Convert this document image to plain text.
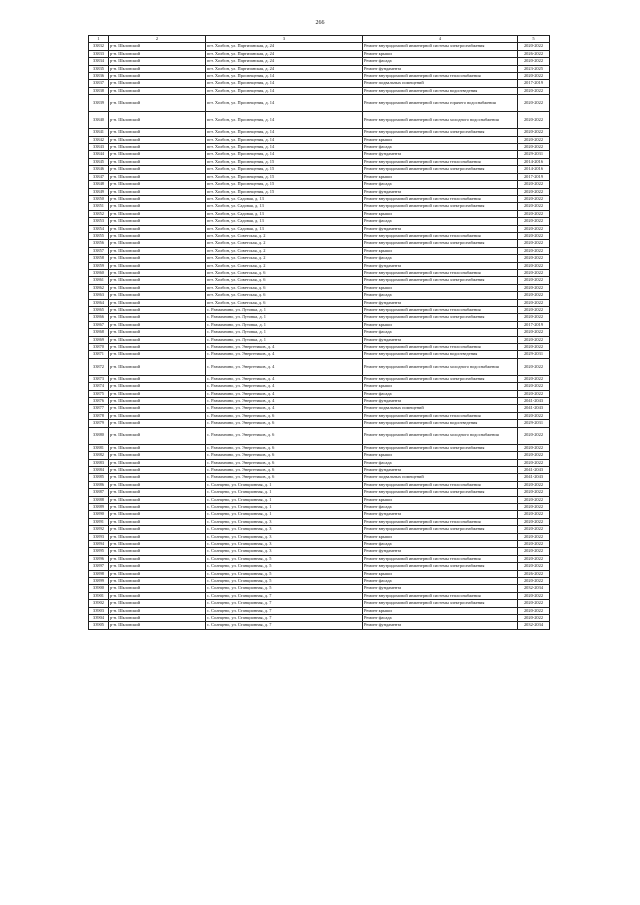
266
1	2	3	4	5
33832	р-н. Шкловский	пгт. Холбон, ул. Партизанская, д. 24	Ремонт внутридомовой инженерной системы электроснабжения	2020-2022
33833	р-н. Шкловский	пгт. Холбон, ул. Партизанская, д. 24	Ремонт крыши	2026-2022
33834	р-н. Шкловский	пгт. Холбон, ул. Партизанская, д. 24	Ремонт фасада	2020-2022
33835	р-н. Шкловский	пгт. Холбон, ул. Партизанская, д. 24	Ремонт фундамента	2023-2025
33836	р-н. Шкловский	пгт. Холбон, ул. Просвещения, д. 14	Ремонт внутридомовой инженерной системы теплоснабжения	2020-2022
33837	р-н. Шкловский	пгт. Холбон, ул. Просвещения, д. 14	Ремонт подвальных помещений	2017-2019
33838	р-н. Шкловский	пгт. Холбон, ул. Просвещения, д. 14	Ремонт внутридомовой инженерной системы водоотведения	2020-2022
33839	р-н. Шкловский	пгт. Холбон, ул. Просвещения, д. 14	Ремонт внутридомовой инженерной системы горячего водоснабжения	2020-2022
33840	р-н. Шкловский	пгт. Холбон, ул. Просвещения, д. 14	Ремонт внутридомовой инженерной системы холодного водоснабжения	2020-2022
33841	р-н. Шкловский	пгт. Холбон, ул. Просвещения, д. 14	Ремонт внутридомовой инженерной системы электроснабжения	2020-2022
33842	р-н. Шкловский	пгт. Холбон, ул. Просвещения, д. 14	Ремонт крыши	2020-2022
33843	р-н. Шкловский	пгт. Холбон, ул. Просвещения, д. 14	Ремонт фасада	2020-2022
33844	р-н. Шкловский	пгт. Холбон, ул. Просвещения, д. 14	Ремонт фундамента	2029-2031
33845	р-н. Шкловский	пгт. Холбон, ул. Просвещения, д. 15	Ремонт внутридомовой инженерной системы теплоснабжения	2014-2016
33846	р-н. Шкловский	пгт. Холбон, ул. Просвещения, д. 15	Ремонт внутридомовой инженерной системы электроснабжения	2014-2016
33847	р-н. Шкловский	пгт. Холбон, ул. Просвещения, д. 15	Ремонт крыши	2017-2019
33848	р-н. Шкловский	пгт. Холбон, ул. Просвещения, д. 15	Ремонт фасада	2020-2022
33849	р-н. Шкловский	пгт. Холбон, ул. Просвещения, д. 15	Ремонт фундамента	2020-2022
33850	р-н. Шкловский	пгт. Холбон, ул. Садовая, д. 13	Ремонт внутридомовой инженерной системы теплоснабжения	2020-2022
33851	р-н. Шкловский	пгт. Холбон, ул. Садовая, д. 13	Ремонт внутридомовой инженерной системы электроснабжения	2020-2022
33852	р-н. Шкловский	пгт. Холбон, ул. Садовая, д. 13	Ремонт крыши	2020-2022
33853	р-н. Шкловский	пгт. Холбон, ул. Садовая, д. 13	Ремонт фасада	2020-2022
33854	р-н. Шкловский	пгт. Холбон, ул. Садовая, д. 13	Ремонт фундамента	2020-2022
33855	р-н. Шкловский	пгт. Холбон, ул. Советская, д. 2	Ремонт внутридомовой инженерной системы теплоснабжения	2020-2022
33856	р-н. Шкловский	пгт. Холбон, ул. Советская, д. 2	Ремонт внутридомовой инженерной системы электроснабжения	2020-2022
33857	р-н. Шкловский	пгт. Холбон, ул. Советская, д. 2	Ремонт крыши	2020-2022
33858	р-н. Шкловский	пгт. Холбон, ул. Советская, д. 2	Ремонт фасада	2020-2022
33859	р-н. Шкловский	пгт. Холбон, ул. Советская, д. 2	Ремонт фундамента	2020-2022
33860	р-н. Шкловский	пгт. Холбон, ул. Советская, д. 6	Ремонт внутридомовой инженерной системы теплоснабжения	2020-2022
33861	р-н. Шкловский	пгт. Холбон, ул. Советская, д. 6	Ремонт внутридомовой инженерной системы электроснабжения	2020-2022
33862	р-н. Шкловский	пгт. Холбон, ул. Советская, д. 6	Ремонт крыши	2020-2022
33863	р-н. Шкловский	пгт. Холбон, ул. Советская, д. 6	Ремонт фасада	2020-2022
33864	р-н. Шкловский	пгт. Холбон, ул. Советская, д. 6	Ремонт фундамента	2020-2022
33865	р-н. Шкловский	с. Размахнино, ул. Лутовка, д. 1	Ремонт внутридомовой инженерной системы теплоснабжения	2020-2022
33866	р-н. Шкловский	с. Размахнино, ул. Лутовка, д. 1	Ремонт внутридомовой инженерной системы электроснабжения	2020-2022
33867	р-н. Шкловский	с. Размахнино, ул. Лутовка, д. 1	Ремонт крыши	2017-2019
33868	р-н. Шкловский	с. Размахнино, ул. Лутовка, д. 1	Ремонт фасада	2020-2022
33869	р-н. Шкловский	с. Размахнино, ул. Лутовка, д. 1	Ремонт фундамента	2020-2022
33870	р-н. Шкловский	с. Размахнино, ул. Энергетиков, д. 4	Ремонт внутридомовой инженерной системы теплоснабжения	2020-2022
33871	р-н. Шкловский	с. Размахнино, ул. Энергетиков, д. 4	Ремонт внутридомовой инженерной системы водоотведения	2029-2031
33872	р-н. Шкловский	с. Размахнино, ул. Энергетиков, д. 4	Ремонт внутридомовой инженерной системы холодного водоснабжения	2020-2022
33873	р-н. Шкловский	с. Размахнино, ул. Энергетиков, д. 4	Ремонт внутридомовой инженерной системы электроснабжения	2020-2022
33874	р-н. Шкловский	с. Размахнино, ул. Энергетиков, д. 4	Ремонт крыши	2020-2022
33875	р-н. Шкловский	с. Размахнино, ул. Энергетиков, д. 4	Ремонт фасада	2020-2022
33876	р-н. Шкловский	с. Размахнино, ул. Энергетиков, д. 4	Ремонт фундамента	2041-2043
33877	р-н. Шкловский	с. Размахнино, ул. Энергетиков, д. 4	Ремонт подвальных помещений	2041-2043
33878	р-н. Шкловский	с. Размахнино, ул. Энергетиков, д. 6	Ремонт внутридомовой инженерной системы теплоснабжения	2020-2022
33879	р-н. Шкловский	с. Размахнино, ул. Энергетиков, д. 6	Ремонт внутридомовой инженерной системы водоотведения	2029-2031
33880	р-н. Шкловский	с. Размахнино, ул. Энергетиков, д. 6	Ремонт внутридомовой инженерной системы холодного водоснабжения	2020-2022
33881	р-н. Шкловский	с. Размахнино, ул. Энергетиков, д. 6	Ремонт внутридомовой инженерной системы электроснабжения	2020-2022
33882	р-н. Шкловский	с. Размахнино, ул. Энергетиков, д. 6	Ремонт крыши	2020-2022
33883	р-н. Шкловский	с. Размахнино, ул. Энергетиков, д. 6	Ремонт фасада	2020-2022
33884	р-н. Шкловский	с. Размахнино, ул. Энергетиков, д. 6	Ремонт фундамента	2041-2043
33885	р-н. Шкловский	с. Размахнино, ул. Энергетиков, д. 6	Ремонт подвальных помещений	2041-2043
33886	р-н. Шкловский	с. Солнцево, ул. Станционная, д. 1	Ремонт внутридомовой инженерной системы теплоснабжения	2020-2022
33887	р-н. Шкловский	с. Солнцево, ул. Станционная, д. 1	Ремонт внутридомовой инженерной системы электроснабжения	2020-2022
33888	р-н. Шкловский	с. Солнцево, ул. Станционная, д. 1	Ремонт крыши	2020-2022
33889	р-н. Шкловский	с. Солнцево, ул. Станционная, д. 1	Ремонт фасада	2020-2022
33890	р-н. Шкловский	с. Солнцево, ул. Станционная, д. 1	Ремонт фундамента	2020-2022
33891	р-н. Шкловский	с. Солнцево, ул. Станционная, д. 3	Ремонт внутридомовой инженерной системы теплоснабжения	2020-2022
33892	р-н. Шкловский	с. Солнцево, ул. Станционная, д. 3	Ремонт внутридомовой инженерной системы электроснабжения	2020-2022
33893	р-н. Шкловский	с. Солнцево, ул. Станционная, д. 3	Ремонт крыши	2020-2022
33894	р-н. Шкловский	с. Солнцево, ул. Станционная, д. 3	Ремонт фасада	2020-2022
33895	р-н. Шкловский	с. Солнцево, ул. Станционная, д. 3	Ремонт фундамента	2020-2022
33896	р-н. Шкловский	с. Солнцево, ул. Станционная, д. 5	Ремонт внутридомовой инженерной системы теплоснабжения	2020-2022
33897	р-н. Шкловский	с. Солнцево, ул. Станционная, д. 5	Ремонт внутридомовой инженерной системы электроснабжения	2020-2022
33898	р-н. Шкловский	с. Солнцево, ул. Станционная, д. 5	Ремонт крыши	2026-2022
33899	р-н. Шкловский	с. Солнцево, ул. Станционная, д. 5	Ремонт фасада	2020-2022
33900	р-н. Шкловский	с. Солнцево, ул. Станционная, д. 5	Ремонт фундамента	2032-2034
33901	р-н. Шкловский	с. Солнцево, ул. Станционная, д. 7	Ремонт внутридомовой инженерной системы теплоснабжения	2020-2022
33902	р-н. Шкловский	с. Солнцево, ул. Станционная, д. 7	Ремонт внутридомовой инженерной системы электроснабжения	2020-2022
33903	р-н. Шкловский	с. Солнцево, ул. Станционная, д. 7	Ремонт крыши	2020-2022
33904	р-н. Шкловский	с. Солнцево, ул. Станционная, д. 7	Ремонт фасада	2020-2022
33905	р-н. Шкловский	с. Солнцево, ул. Станционная, д. 7	Ремонт фундамента	2032-2034
